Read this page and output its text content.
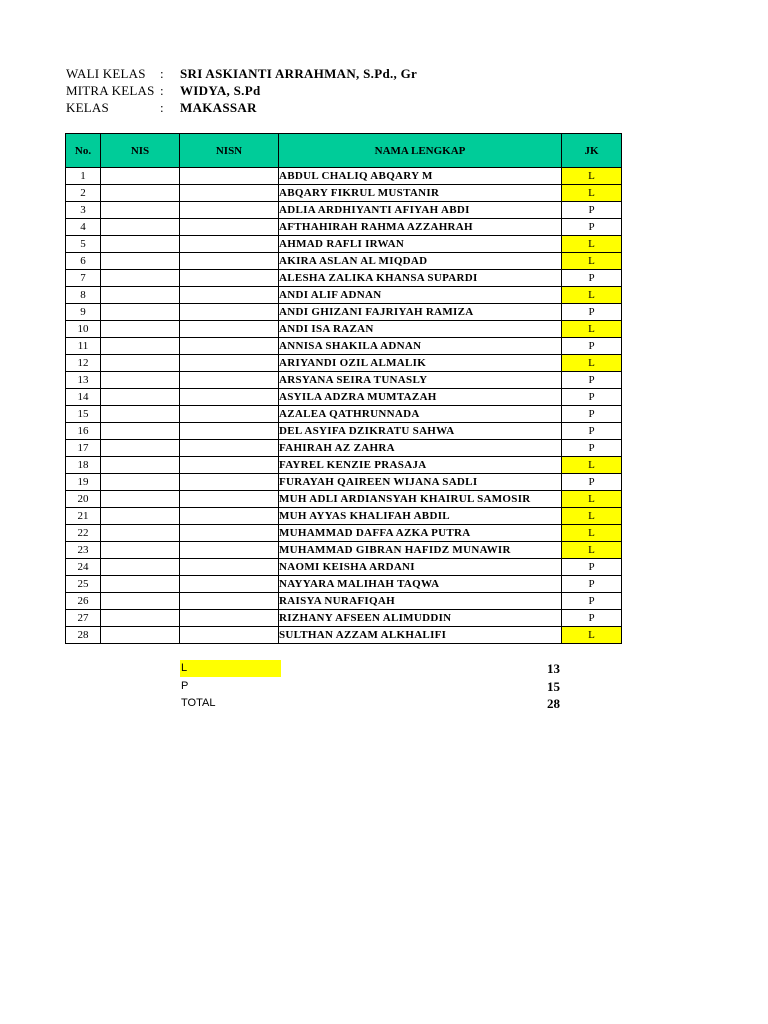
WALI KELAS	: SRI ASKIANTI ARRAHMAN, S.Pd., Gr
MITRA KELAS : WIDYA, S.Pd
KELAS	: MAKASSAR
No.	NIS	NISN	NAMA LENGKAP	JK
1			ABDUL CHALIQ ABQARY M	L
2			ABQARY FIKRUL MUSTANIR	L
3			ADLIA ARDHIYANTI AFIYAH ABDI	P
4			AFTHAHIRAH RAHMA AZZAHRAH	P
5			AHMAD RAFLI IRWAN	L
6			AKIRA ASLAN AL MIQDAD	L
7			ALESHA ZALIKA KHANSA SUPARDI	P
8			ANDI ALIF ADNAN	L
9			ANDI GHIZANI FAJRIYAH RAMIZA	P
10			ANDI ISA RAZAN	L
11			ANNISA SHAKILA ADNAN	P
12			ARIYANDI OZIL ALMALIK	L
13			ARSYANA SEIRA TUNASLY	P
14			ASYILA ADZRA MUMTAZAH	P
15			AZALEA QATHRUNNADA	P
16			DEL ASYIFA DZIKRATU SAHWA	P
17			FAHIRAH AZ ZAHRA	P
18			FAYREL KENZIE PRASAJA	L
19			FURAYAH QAIREEN WIJANA SADLI	P
20			MUH ADLI ARDIANSYAH KHAIRUL SAMOSIR	L
21			MUH AYYAS KHALIFAH ABDIL	L
22			MUHAMMAD DAFFA AZKA PUTRA	L
23			MUHAMMAD GIBRAN HAFIDZ MUNAWIR	L
24			NAOMI KEISHA ARDANI	P
25			NAYYARA MALIHAH TAQWA	P
26			RAISYA NURAFIQAH	P
27			RIZHANY AFSEEN ALIMUDDIN	P
28			SULTHAN AZZAM ALKHALIFI	L
L	13
P	15
TOTAL	28
